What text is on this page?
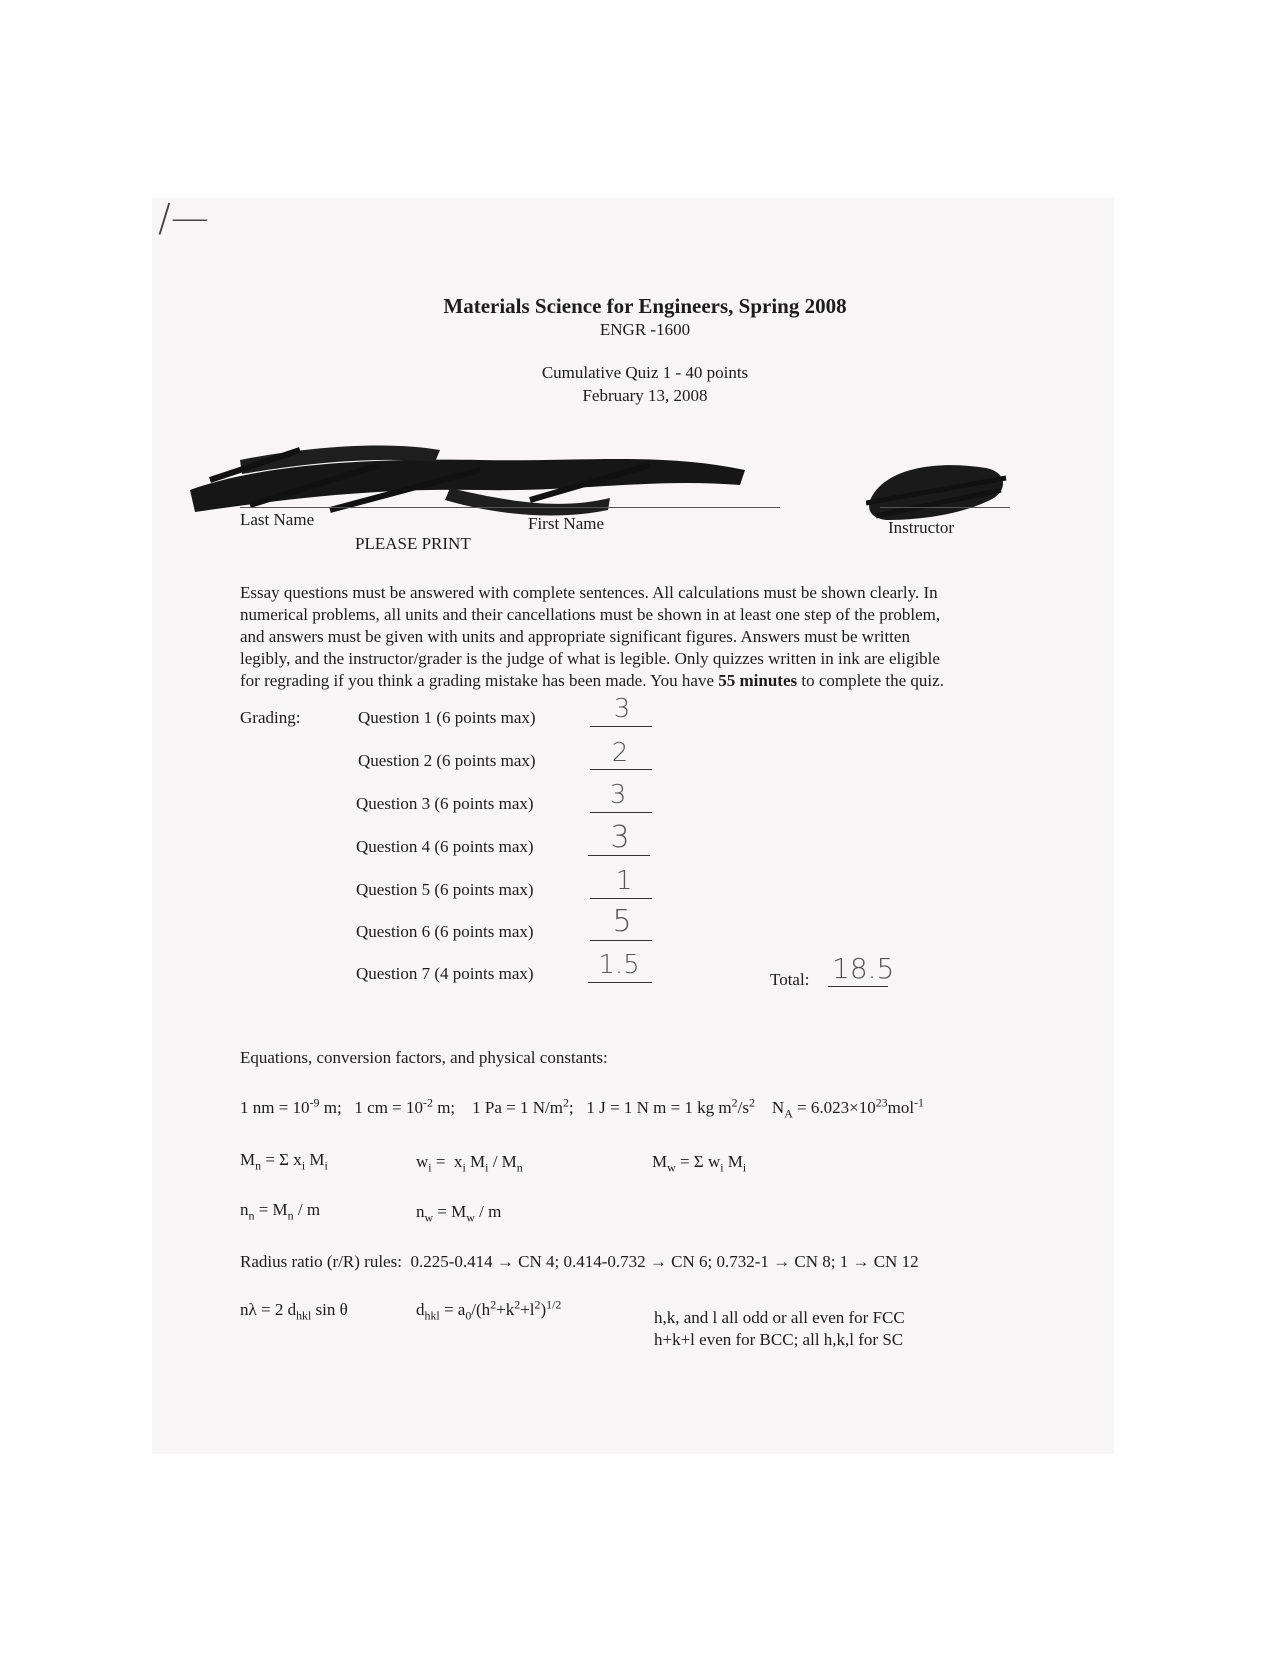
/—
Materials Science for Engineers, Spring 2008
ENGR -1600
Cumulative Quiz 1 - 40 points
February 13, 2008
Last Name	First Name	Instructor
PLEASE PRINT
Essay questions must be answered with complete sentences. All calculations must be shown clearly. In
numerical problems, all units and their cancellations must be shown in at least one step of the problem,
and answers must be given with units and appropriate significant figures. Answers must be written
legibly, and the instructor/grader is the judge of what is legible. Only quizzes written in ink are eligible
for regrading if you think a grading mistake has been made. You have 55 minutes to complete the quiz.
Grading:	Question 1 (6 points max)	3
Question 2 (6 points max)	2
Question 3 (6 points max)	3
Question 4 (6 points max)	3
Question 5 (6 points max)	1
Question 6 (6 points max)	5
Question 7 (4 points max)	1.5	Total: 18.5
Equations, conversion factors, and physical constants:
1 nm = $10^{-9}$ m;   1 cm = $10^{-2}$ m;    1 Pa = 1 $N/m^2$;   1 J = 1 N m = 1 kg $m^2/s^2$    $N_A = 6.023\times 10^{23}mol^{-1}$
$M_n = \Sigma$ $x_i$ $M_i$	$w_i = x_i$ $M_i / M_n$	$M_w = \Sigma$ $w_i$ $M_i$
$n_n = M_n / m$	$n_w = M_w / m$
Radius ratio (r/R) rules: 0.225-0.414 → CN 4; 0.414-0.732 → CN 6; 0.732-1 → CN 8; 1 → CN 12
nλ = 2 $d_{hkl}$ sin θ	$d_{hkl} = a_0/(h^2+k^2+l^2)^{1/2}$
h,k, and l all odd or all even for FCC
h+k+l even for BCC; all h,k,l for SC
